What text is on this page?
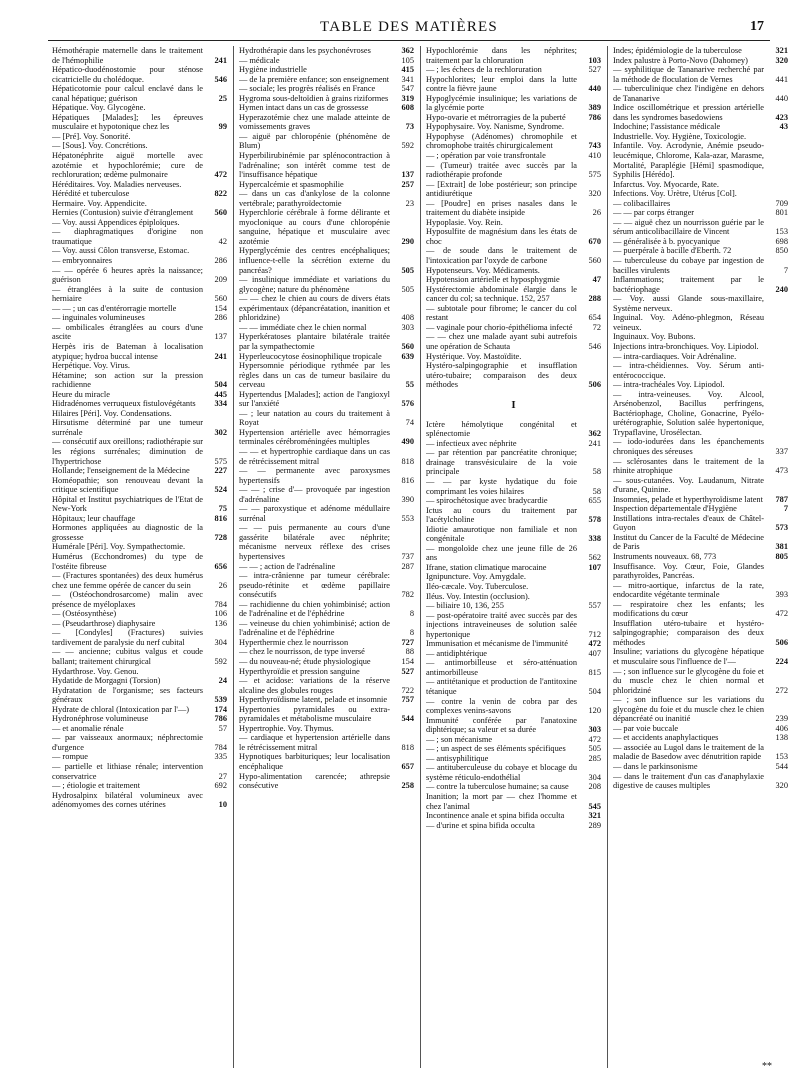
TABLE DES MATIÈRES	17
Hémothérapie maternelle dans le traitement de l'hémophilie	241
Hépatico-duodénostomie pour sténose cicatricielle du cholédoque.	546
Hépaticotomie pour calcul enclavé dans le canal hépatique; guérison	25
Hépatique. Voy. Glycogène.
Hépatiques [Malades]; les épreuves musculaire et hypotonique chez les	99
— [Pré]. Voy. Sonorité.
— [Sous]. Voy. Concrétions.
Hépatonéphrite aiguë mortelle avec azotémie et hypochlorémie; cure de rechloruration; œdème pulmonaire	472
Héréditaires. Voy. Maladies nerveuses.
Hérédité et tuberculose	822
Hermaire. Voy. Appendicite.
Hernies (Contusion) suivie d'étranglement	560
— Voy. aussi Appendices épiploïques.
— diaphragmatiques d'origine non traumatique	42
— Voy. aussi Côlon transverse, Estomac.
— embryonnaires	286
— — opérée 6 heures après la naissance; guérison	209
— étranglées à la suite de contusion herniaire	560
— — ; un cas d'entérorragie mortelle	154
— inguinales volumineuses	286
— ombilicales étranglées au cours d'une ascite	137
Herpès iris de Bateman à localisation atypique; hydroa buccal intense	241
Herpétique. Voy. Virus.
Hétamine; son action sur la pression rachidienne	504
Heure du miracle	445
Hidradénomes verruqueux fistulovégétants 334
Hilaires [Péri]. Voy. Condensations.
Hirsutisme déterminé par une tumeur surrénale	302
— consécutif aux oreillons; radiothérapie sur les régions surrénales; diminution de l'hypertrichose	575
Hollande; l'enseignement de la Médecine	227
Homéopathie; son renouveau devant la critique scientifique	524
Hôpital et Institut psychiatriques de l'Etat de New-York	75
Hôpitaux; leur chauffage	816
Hormones appliquées au diagnostic de la grossesse	728
Humérale [Péri]. Voy. Sympathectomie.
Humérus (Ecchondromes) du type de l'ostéite fibreuse	656
— (Fractures spontanées) des deux humérus chez une femme opérée de cancer du sein	26
— (Ostéochondrosarcome) malin avec présence de myéloplaxes	784
— (Ostéosynthèse)	106
— (Pseudarthrose) diaphysaire	136
— [Condyles] (Fractures) suivies tardivement de paralysie du nerf cubital	304
— — ancienne; cubitus valgus et coude ballant; traitement chirurgical	592
Hydarthrose. Voy. Genou.
Hydatide de Morgagni (Torsion)	24
Hydratation de l'organisme; ses facteurs généraux	539
Hydrate de chloral (Intoxication par l'—)	174
Hydronéphrose volumineuse	786
— et anomalie rénale	57
— par vaisseaux anormaux; néphrectomie d'urgence	784
— rompue	335
— partielle et lithiase rénale; intervention conservatrice	27
— ; étiologie et traitement	692
Hydrosalpinx bilatéral volumineux avec adénomyomes des cornes utérines	10
Hydrothérapie dans les psychonévroses	362
— médicale	105
Hygiène industrielle	415
— de la première enfance; son enseignement 341
— sociale; les progrès réalisés en France	547
Hygroma sous-deltoïdien à grains riziformes 319
Hymen intact dans un cas de grossesse	608
Hyperazotémie chez une malade atteinte de vomissements graves	73
— aiguë par chloropénie (phénomène de Blum)	592
Hyperbilirubinémie par splénocontraction à l'adrénaline; son intérêt comme test de l'insuffisance hépatique	137
Hypercalcémie et spasmophilie	257
— dans un cas d'ankylose de la colonne vertébrale; parathyroïdectomie	23
Hyperchlorie cérébrale à forme délirante et myoclonique au cours d'une chloropénie sanguine, hépatique et musculaire avec azotémie	290
Hyperglycémie des centres encéphaliques; influence-t-elle la sécrétion externe du pancréas?	505
— insulinique immédiate et variations du glycogène; nature du phénomène	505
— — chez le chien au cours de divers états expérimentaux (dépancréatation, inanition et phloridzine)	408
— — immédiate chez le chien normal	303
Hyperkératoses plantaire bilatérale traitée par la sympathectomie	560
Hyperleucocytose éosinophilique tropicale 639
Hypersomnie périodique rythmée par les règles dans un cas de tumeur basilaire du cerveau	55
Hypertendus [Malades]; action de l'angioxyl sur l'anxiété	576
— ; leur natation au cours du traitement à Royat	74
Hypertension artérielle avec hémorragies terminales cérébroméningées multiples	490
— — et hypertrophie cardiaque dans un cas de rétrécissement mitral	818
— — permanente avec paroxysmes hypertensifs	816
— — ; crise d'— provoquée par ingestion d'adrénaline	390
— — paroxystique et adénome médullaire surrénal	553
— — puis permanente au cours d'une gassérite bilatérale avec néphrite; mécanisme nerveux réflexe des crises hypertensives	737
— — ; action de l'adrénaline	287
— intra-crânienne par tumeur cérébrale: pseudo-rétinite et œdème papillaire consécutifs	782
— rachidienne du chien yohimbinisé; action de l'adrénaline et de l'éphédrine	8
— veineuse du chien yohimbinisé; action de l'adrénaline et de l'éphédrine	8
Hyperthermie chez le nourrisson	727
— chez le nourrisson, de type inversé	88
— du nouveau-né; étude physiologique	154
Hyperthyroïdie et pression sanguine	527
— et acidose: variations de la réserve alcaline des globules rouges	722
Hyperthyroïdisme latent, pelade et insomnie 757
Hypertonies pyramidales ou extra-pyramidales et métabolisme musculaire	544
Hypertrophie. Voy. Thymus.
— cardiaque et hypertension artérielle dans le rétrécissement mitral	818
Hypnotiques barbituriques; leur localisation encéphalique	657
Hypo-alimentation carencée; athrepsie consécutive	258
Hypochlorémie dans les néphrites; traitement par la chloruration	103
— ; les échecs de la rechloruration	527
Hypochlorites; leur emploi dans la lutte contre la fièvre jaune	440
Hypoglycémie insulinique; les variations de la glycémie porte	389
Hypo-ovarie et métrorragies de la puberté	786
Hypophysaire. Voy. Nanisme, Syndrome.
Hypophyse (Adénomes) chromophile et chromophobe traités chirurgicalement	743
— ; opération par voie transfrontale	410
— (Tumeur) traitée avec succès par la radiothérapie profonde	575
— [Extrait] de lobe postérieur; son principe antidiurétique	320
— [Poudre] en prises nasales dans le traitement du diabète insipide	26
Hypoplasie. Voy. Rein.
Hyposulfite de magnésium dans les états de choc	670
— de soude dans le traitement de l'intoxication par l'oxyde de carbone	560
Hypotenseurs. Voy. Médicaments.
Hypotension artérielle et hyposphygmie	47
Hystérectomie abdominale élargie dans le cancer du col; sa technique. 152, 257	288
— subtotale pour fibrome; le cancer du col restant	654
— vaginale pour chorio-épithélioma infecté 72
— — chez une malade ayant subi autrefois une opération de Schauta	546
Hystérique. Voy. Mastoïdite.
Hystéro-salpingographie et insufflation utéro-tubaire; comparaison des deux méthodes	506
I
Ictère hémolytique congénital et splénectomie	362
— infectieux avec néphrite	241
— par rétention par pancréatite chronique; drainage transvésiculaire de la voie principale	58
— — par kyste hydatique du foie comprimant les voies hilaires	58
— spirochétosique avec bradycardie	655
Ictus au cours du traitement par l'acétylcholine	578
Idiotie amaurotique non familiale et non congénitale	338
— mongoloïde chez une jeune fille de 26 ans	562
Ifrane, station climatique marocaine	107
Ignipuncture. Voy. Amygdale.
Iléo-cæcale. Voy. Tuberculose.
Iléus. Voy. Intestin (occlusion).
— biliaire 10, 136, 255	557
— post-opératoire traité avec succès par des injections intraveineuses de solution salée hypertonique	712
Immunisation et mécanisme de l'immunité 472
— antidiphtérique	407
— antimorbilleuse et séro-atténuation antimorbilleuse	815
— antitétanique et production de l'antitoxine tétanique	504
— contre la venin de cobra par des complexes venins-savons	120
Immunité conférée par l'anatoxine diphtérique; sa valeur et sa durée	303
— ; son mécanisme	472
— ; un aspect de ses éléments spécifiques	505
— antisyphilitique	285
— antituberculeuse du cobaye et blocage du système réticulo-endothélial	304
— contre la tuberculose humaine; sa cause 208
Inanition; la mort par — chez l'homme et chez l'animal	545
Incontinence anale et spina bifida occulta	321
— d'urine et spina bifida occulta	289
Indes; épidémiologie de la tuberculose	321
Index palustre à Porto-Novo (Dahomey)	320
— syphilitique de Tananarive recherché par la méthode de floculation de Vernes	441
— tuberculinique chez l'indigène en dehors de Tananarive	440
Indice oscillométrique et pression artérielle dans les syndromes basedowiens	423
Indochine; l'assistance médicale	43
Industrielle. Voy. Hygiène, Toxicologie.
Infantile. Voy. Acrodynie, Anémie pseudo-leucémique, Chlorome, Kala-azar, Marasme, Mortalité, Paraplégie [Hémi] spasmodique, Syphilis [Hérédo].
Infarctus. Voy. Myocarde, Rate.
Infections. Voy. Urètre, Utérus [Col].
— colibacillaires	709
— — par corps étranger	801
— — aiguë chez un nourrisson guérie par le sérum anticolibacillaire de Vincent	153
— généralisée à b. pyocyanique	698
— puerpérale à bacille d'Eberth. 72	850
— tuberculeuse du cobaye par ingestion de bacilles virulents	7
Inflammations; traitement par le bactériophage	240
— Voy. aussi Glande sous-maxillaire, Système nerveux.
Inguinal. Voy. Adéno-phlegmon, Réseau veineux.
Inguinaux. Voy. Bubons.
Injections intra-bronchiques. Voy. Lipiodol.
— intra-cardiaques. Voir Adrénaline.
— intra-chéidiennes. Voy. Sérum anti-entérococcique.
— intra-trachéales Voy. Lipiodol.
— intra-veineuses. Voy. Alcool, Arsénobenzol, Bacillus perfringens, Bactériophage, Choline, Gonacrine, Pyélo-urétérographie, Solution salée hypertonique, Trypaflavine, Urosélectan.
— iodo-iodurées dans les épanchements chroniques des séreuses	337
— sclérosantes dans le traitement de la rhinite atrophique	473
— sous-cutanées. Voy. Laudanum, Nitrate d'urane, Quinine.
Insomnies, pelade et hyperthyroïdisme latent 787
Inspection départementale d'Hygiène	7
Instillations intra-rectales d'eaux de Châtel-Guyon	573
Institut du Cancer de la Faculté de Médecine de Paris	381
Instruments nouveaux. 68, 773	805
Insuffisance. Voy. Cœur, Foie, Glandes parathyroïdes, Pancréas.
— mitro-aortique, infarctus de la rate, endocardite végétante terminale	393
— respiratoire chez les enfants; les modifications du cœur	472
Insufflation utéro-tubaire et hystéro-salpingographie; comparaison des deux méthodes	506
Insuline; variations du glycogène hépatique et musculaire sous l'influence de l'—	224
— ; son influence sur le glycogène du foie et du muscle chez le chien normal et phloridziné	272
— ; son influence sur les variations du glycogène du foie et du muscle chez le chien dépancréaté ou inanitié	239
— par voie buccale	406
— et accidents anaphylactiques	138
— associée au Lugol dans le traitement de la maladie de Basedow avec dénutrition rapide 153
— dans le parkinsonisme	544
— dans le traitement d'un cas d'anaphylaxie digestive de causes multiples	320
**
